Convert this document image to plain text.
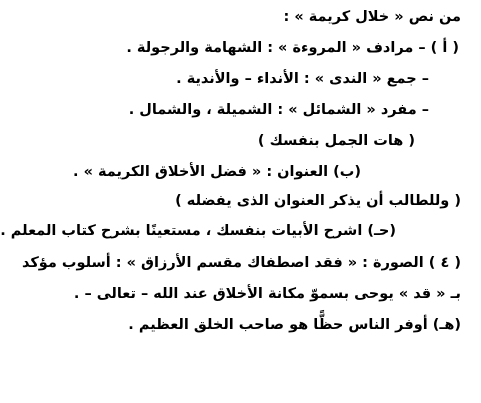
من نص « خلال كريمة » :
( أ ) – مرادف « المروءة » : الشهامة والرجولة .
– جمع « الندى » : الأنداء – والأندية .
– مفرد « الشمائل » : الشميلة ، والشمال .
( هات الجمل بنفسك )
(ب) العنوان : « فضل الأخلاق الكريمة » .
( وللطالب أن يذكر العنوان الذى يفضله )
(حـ) اشرح الأبيات بنفسك ، مستعينًا بشرح كتاب المعلم .
( ٤ ) الصورة : « فقد اصطفاك مقسم الأرزاق » : أسلوب مؤكد
بـ « قد » يوحى بسموّ مكانة الأخلاق عند الله – تعالى – .
(هـ) أوفر الناس حظًّا هو صاحب الخلق العظيم .
